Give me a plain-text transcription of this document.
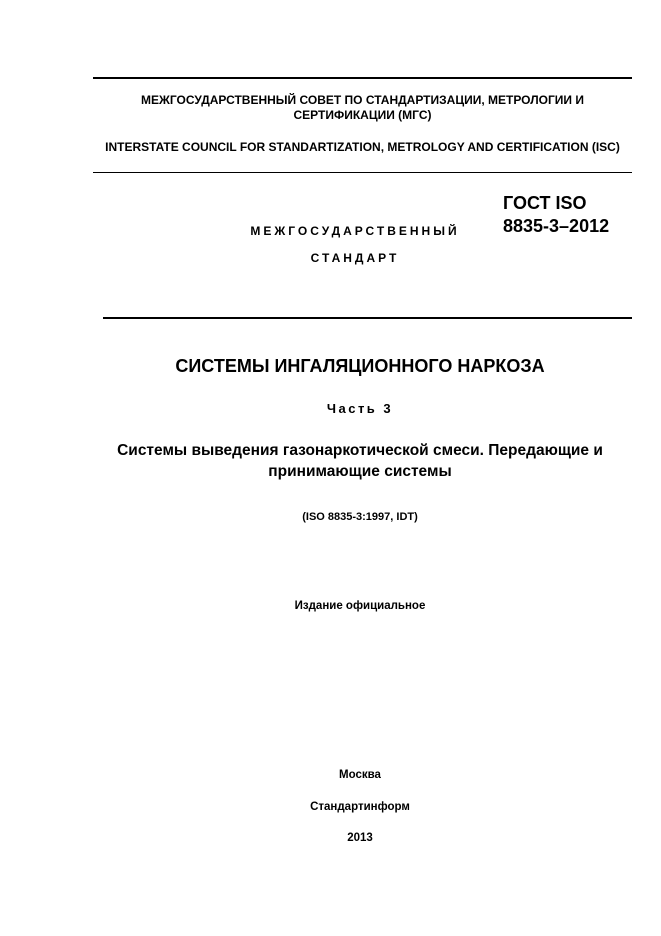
МЕЖГОСУДАРСТВЕННЫЙ СОВЕТ ПО СТАНДАРТИЗАЦИИ, МЕТРОЛОГИИ И СЕРТИФИКАЦИИ (МГС)
INTERSTATE COUNCIL FOR STANDARTIZATION, METROLOGY AND CERTIFICATION (ISC)
МЕЖГОСУДАРСТВЕННЫЙ
СТАНДАРТ
ГОСТ ISO 8835-3–2012
СИСТЕМЫ ИНГАЛЯЦИОННОГО НАРКОЗА
Часть 3
Системы выведения газонаркотической смеси. Передающие и принимающие системы
(ISO 8835-3:1997, IDT)
Издание официальное
Москва
Стандартинформ
2013
